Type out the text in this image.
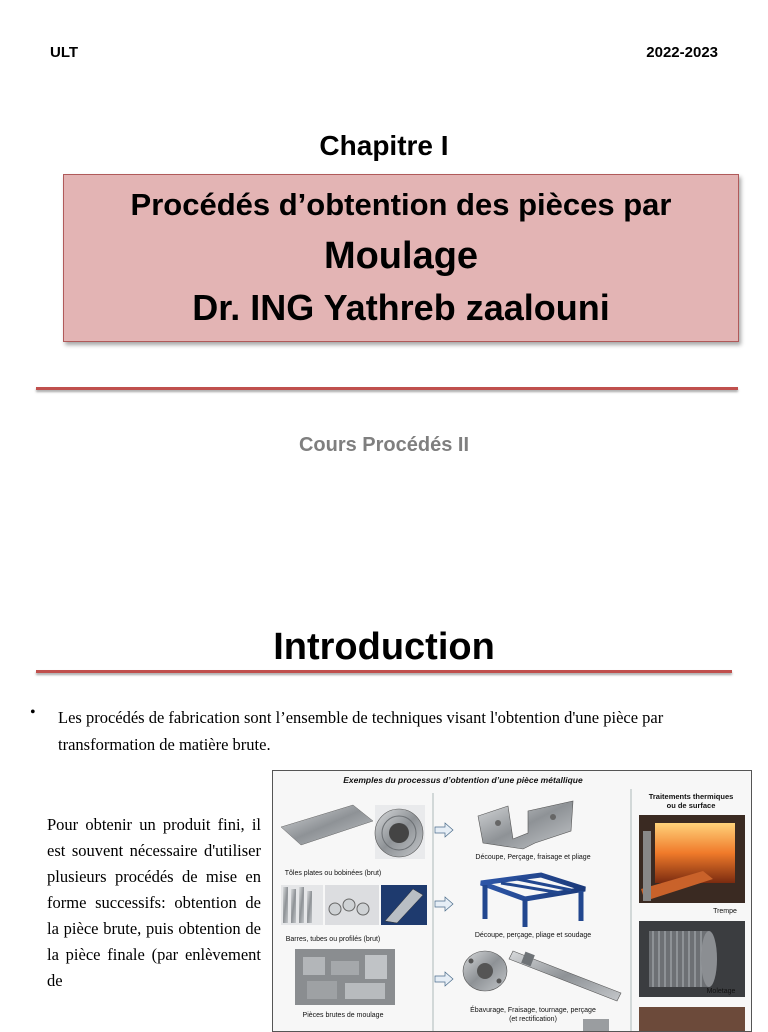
ULT	2022-2023
Chapitre I
Procédés d’obtention des pièces par
Moulage
Dr. ING Yathreb zaalouni
Cours Procédés II
Introduction
• Les procédés de fabrication sont l’ensemble de techniques visant l'obtention d'une pièce par transformation de matière brute.
Pour obtenir un produit fini, il est souvent nécessaire d'utiliser plusieurs procédés de mise en forme successifs: obtention de la pièce brute, puis obtention de la pièce finale (par enlèvement de
Exemples du processus d’obtention d’une pièce métallique
Traitements thermiques
ou de surface
Tôles plates ou bobinées (brut)
Découpe, Perçage, fraisage et pliage
Barres, tubes ou profilés (brut)
Découpe, perçage, pliage et soudage
Pièces brutes de moulage
Ébavurage, Fraisage, tournage, perçage
(et rectification)
Trempe
Moletage
